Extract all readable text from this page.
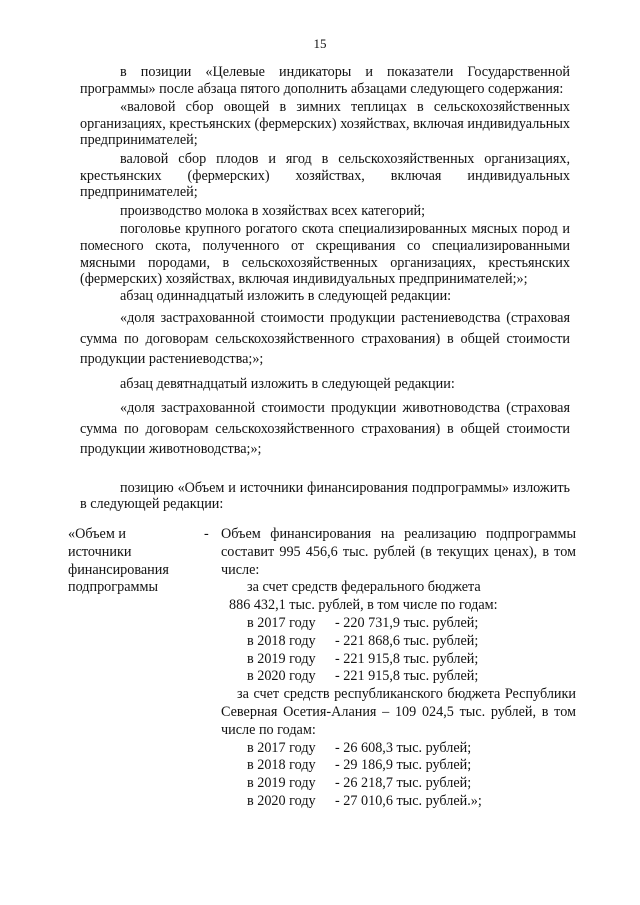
15

в позиции «Целевые индикаторы и показатели Государственной программы» после абзаца пятого дополнить абзацами следующего содержания:

«валовой сбор овощей в зимних теплицах в сельскохозяйственных организациях, крестьянских (фермерских) хозяйствах, включая индивидуальных предпринимателей;

валовой сбор плодов и ягод в сельскохозяйственных организациях, крестьянских (фермерских) хозяйствах, включая индивидуальных предпринимателей;

производство молока в хозяйствах всех категорий;

поголовье крупного рогатого скота специализированных мясных пород и помесного скота, полученного от скрещивания со специализированными мясными породами, в сельскохозяйственных организациях, крестьянских (фермерских) хозяйствах, включая индивидуальных предпринимателей;»;

абзац одиннадцатый изложить в следующей редакции:

«доля застрахованной стоимости продукции растениеводства (страховая сумма по договорам сельскохозяйственного страхования) в общей стоимости продукции растениеводства;»;

абзац девятнадцатый изложить в следующей редакции:

«доля застрахованной стоимости продукции животноводства (страховая сумма по договорам сельскохозяйственного страхования) в общей стоимости продукции животноводства;»;

позицию «Объем и источники финансирования подпрограммы» изложить в следующей редакции:

«Объем и
источники
финансирования
подпрограммы
- Объем финансирования на реализацию подпрограммы составит 995 456,6 тыс. рублей (в текущих ценах), в том числе:

за счет средств федерального бюджета

886 432,1 тыс. рублей, в том числе по годам:

в 2017 году	- 220 731,9 тыс. рублей;
в 2018 году	- 221 868,6 тыс. рублей;
в 2019 году	- 221 915,8 тыс. рублей;
в 2020 году	- 221 915,8 тыс. рублей;

за счет средств республиканского бюджета Республики Северная Осетия-Алания – 109 024,5 тыс. рублей, в том числе по годам:

в 2017 году	- 26 608,3 тыс. рублей;
в 2018 году	- 29 186,9 тыс. рублей;
в 2019 году	- 26 218,7 тыс. рублей;
в 2020 году	- 27 010,6 тыс. рублей.»;
